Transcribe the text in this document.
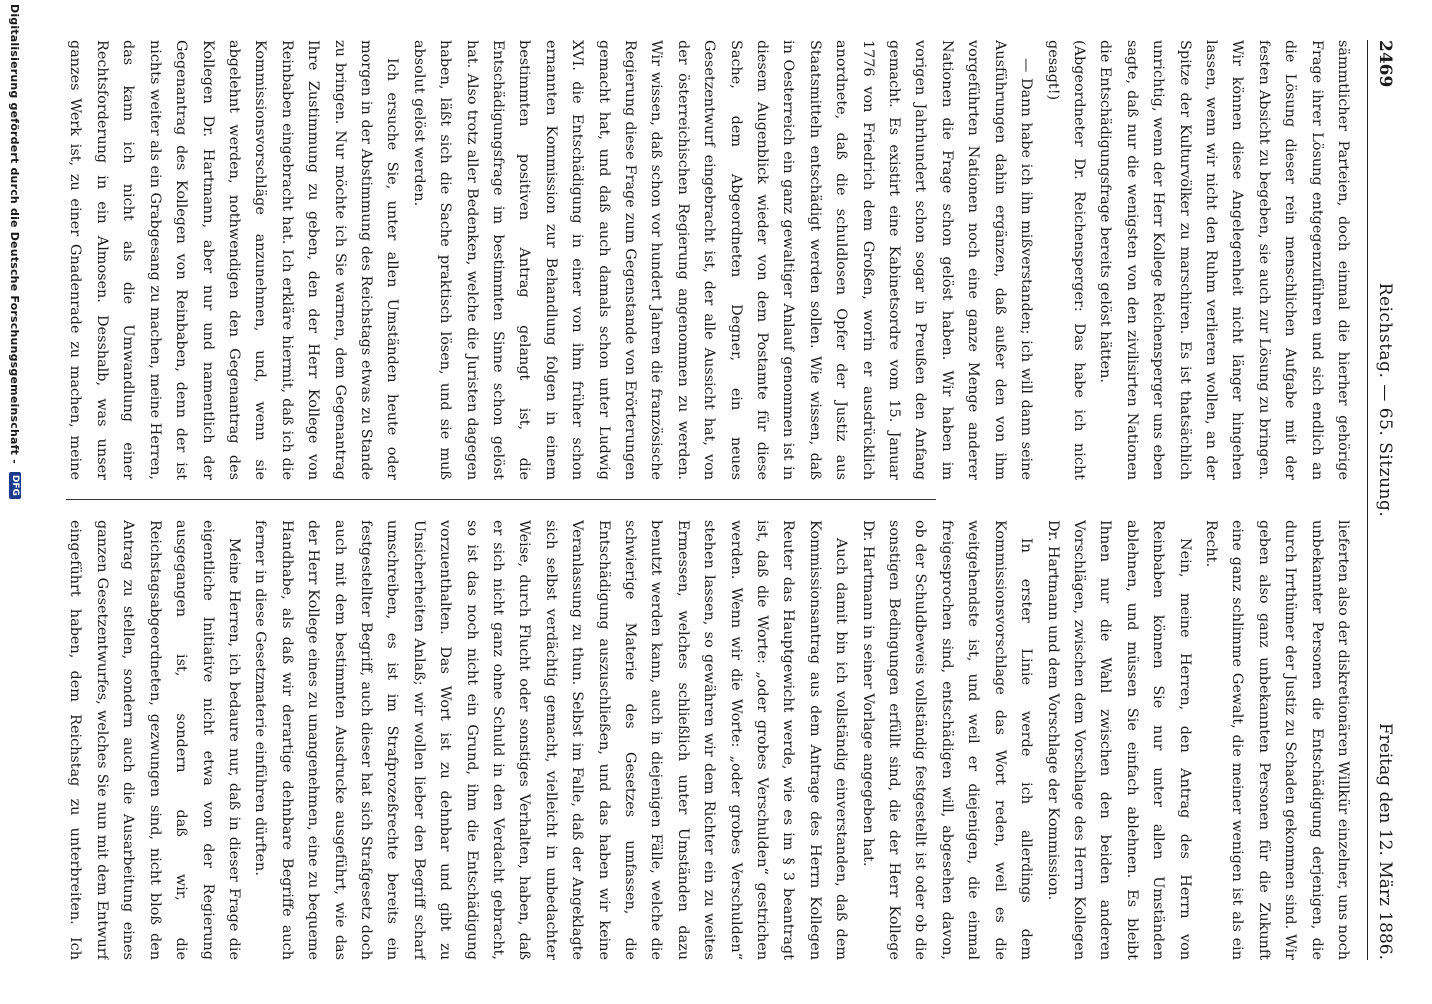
2469
Reichstag. — 65. Sitzung.
Freitag den 12. März 1886.

sämmtlicher Parteien, doch einmal die hierher gehörige Frage ihrer Lösung entgegenzuführen und sich endlich an die Lösung dieser rein menschlichen Aufgabe mit der festen Absicht zu begeben, sie auch zur Lösung zu bringen. Wir können diese Angelegenheit nicht länger hingehen lassen, wenn wir nicht den Ruhm verlieren wollen, an der Spitze der Kulturvölker zu marschiren. Es ist thatsächlich unrichtig, wenn der Herr Kollege Reichensperger uns eben sagte, daß nur die wenigsten von den zivilisirten Nationen die Entschädigungsfrage bereits gelöst hätten.

(Abgeordneter Dr. Reichensperger: Das habe ich nicht gesagt!)

— Dann habe ich ihn mißverstanden; ich will dann seine Ausführungen dahin ergänzen, daß außer den von ihm vorgeführten Nationen noch eine ganze Menge anderer Nationen die Frage schon gelöst haben. Wir haben im vorigen Jahrhundert schon sogar in Preußen den Anfang gemacht. Es existirt eine Kabinetsordre vom 15. Januar 1776 von Friedrich dem Großen, worin er ausdrücklich anordnete, daß die schuldlosen Opfer der Justiz aus Staatsmitteln entschädigt werden sollen. Wie wissen, daß in Oesterreich ein ganz gewaltiger Anlauf genommen ist in diesem Augenblick wieder von dem Postamte für diese Sache, dem Abgeordneten Degner, ein neues Gesetzentwurf eingebracht ist, der alle Aussicht hat, von der österreichischen Regierung angenommen zu werden. Wir wissen, daß schon vor hundert Jahren die französische Regierung diese Frage zum Gegenstande von Erörterungen gemacht hat, und daß auch damals schon unter Ludwig XVI. die Entschädigung in einer von ihm früher schon ernannten Kommission zur Behandlung folgen in einem bestimmten positiven Antrag gelangt ist, die Entschädigungsfrage im bestimmten Sinne schon gelöst hat. Also trotz aller Bedenken, welche die Juristen dagegen haben, läßt sich die Sache praktisch lösen, und sie muß absolut gelöst werden.

Ich ersuche Sie, unter allen Umständen heute oder morgen in der Abstimmung des Reichstags etwas zu Stande zu bringen. Nur möchte ich Sie warnen, dem Gegenantrag Ihre Zustimmung zu geben, den der Herr Kollege von Reinbaben eingebracht hat. Ich erkläre hiermit, daß ich die Kommissionsvorschläge anzunehmen, und, wenn sie abgelehnt werden, nothwendigen den Gegenantrag des Kollegen Dr. Hartmann, aber nur und namentlich der Gegenantrag des Kollegen von Reinbaben, denn der ist nichts weiter als ein Grabgesang zu machen, meine Herren, das kann ich nicht als die Umwandlung einer Rechtsforderung in ein Almosen. Desshalb, was unser ganzes Werk ist, zu einer Gnadenrade zu machen, meine

lieferten also der diskretionären Willkür einzelner, uns noch unbekannter Personen die Entschädigung derjenigen, die durch Irrthümer der Justiz zu Schaden gekommen sind. Wir geben also ganz unbekannten Personen für die Zukunft eine ganz schlimme Gewalt, die meiner wenigen ist als ein Recht.

Nein, meine Herren, den Antrag des Herrn von Reinbaben können Sie nur unter allen Umständen ablehnen, und müssen Sie einfach ablehnen. Es bleibt Ihnen nur die Wahl zwischen den beiden anderen Vorschlägen, zwischen dem Vorschlage des Herrn Kollegen Dr. Hartmann und dem Vorschlage der Kommission.

In erster Linie werde ich allerdings dem Kommissionsvorschlage das Wort reden, weil es die weitgehendste ist, und weil er diejenigen, die einmal freigesprochen sind, entschädigen will, abgesehen davon, ob der Schuldbeweis vollständig festgestellt ist oder ob die sonstigen Bedingungen erfüllt sind, die der Herr Kollege Dr. Hartmann in seiner Vorlage angegeben hat.

Auch damit bin ich vollständig einverstanden, daß dem Kommissionsantrag aus dem Antrage des Herrn Kollegen Reuter das Hauptgewicht werde, wie es im § 3 beantragt ist, daß die Worte: „oder grobes Verschulden“ gestrichen werden. Wenn wir die Worte: „oder grobes Verschulden“ stehen lassen, so gewähren wir dem Richter ein zu weites Ermessen, welches schließlich unter Umständen dazu benutzt werden kann, auch in diejenigen Fälle, welche die schwierige Materie des Gesetzes umfassen, die Entschädigung auszuschließen, und das haben wir keine Veranlassung zu thun. Selbst im Falle, daß der Angeklagte sich selbst verdächtig gemacht, vielleicht in unbedachter Weise, durch Flucht oder sonstiges Verhalten, haben, daß er sich nicht ganz ohne Schuld in den Verdacht gebracht, so ist das noch nicht ein Grund, ihm die Entschädigung vorzuenthalten. Das Wort ist zu dehnbar und gibt zu Unsicherheiten Anlaß; wir wollen lieber den Begriff scharf umschreiben, es ist im Strafprozeßrechte bereits ein festgestellter Begriff, auch dieser hat sich Strafgesetz doch auch mit dem bestimmten Ausdrucke ausgeführt, wie das der Herr Kollege eines zu unangenehmen, eine zu bequeme Handhabe, als daß wir derartige dehnbare Begriffe auch ferner in diese Gesetzmaterie einführen dürften.

Meine Herren, ich bedaure nur, daß in dieser Frage die eigentliche Initiative nicht etwa von der Regierung ausgegangen ist, sondern daß wir, die Reichstagsabgeordneten, gezwungen sind, nicht bloß den Antrag zu stellen, sondern auch die Ausarbeitung eines ganzen Gesetzentwurfes, welches Sie nun mit dem Entwurf eingeführt haben, dem Reichstag zu unterbreiten. Ich

Digitalisierung gefördert durch die Deutsche Forschungsgemeinschaft -
DFG
